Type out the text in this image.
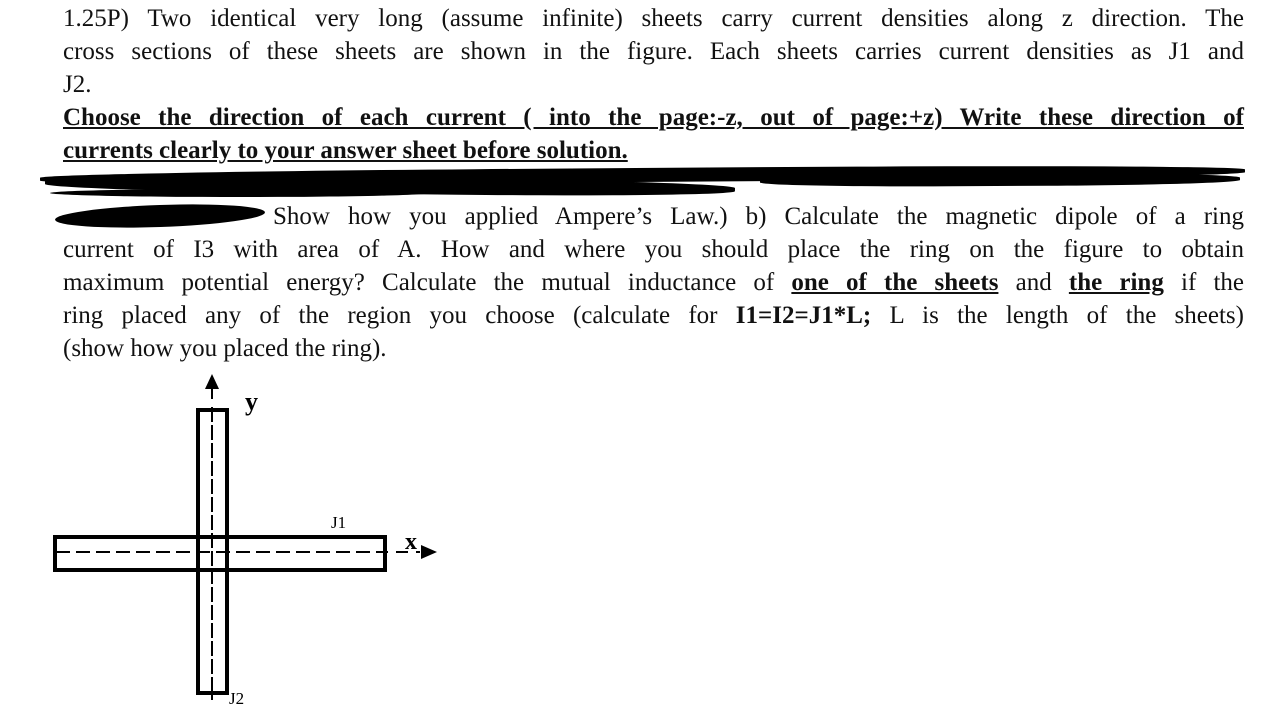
1.25P) Two identical very long (assume infinite) sheets carry current densities along z direction. The
cross sections of these sheets are shown in the figure. Each sheets carries current densities as J1 and
J2.

Choose the direction of each current ( into the page:-z, out of page:+z) Write these direction of
currents clearly to your answer sheet before solution.

Show how you applied Ampere’s Law.) b) Calculate the magnetic dipole of a ring
current of I3 with area of A. How and where you should place the ring on the figure to obtain
maximum potential energy? Calculate the mutual inductance of one of the sheets and the ring if the
ring placed any of the region you choose (calculate for I1=I2=J1*L; L is the length of the sheets)
(show how you placed the ring).

y
x
J1
J2
